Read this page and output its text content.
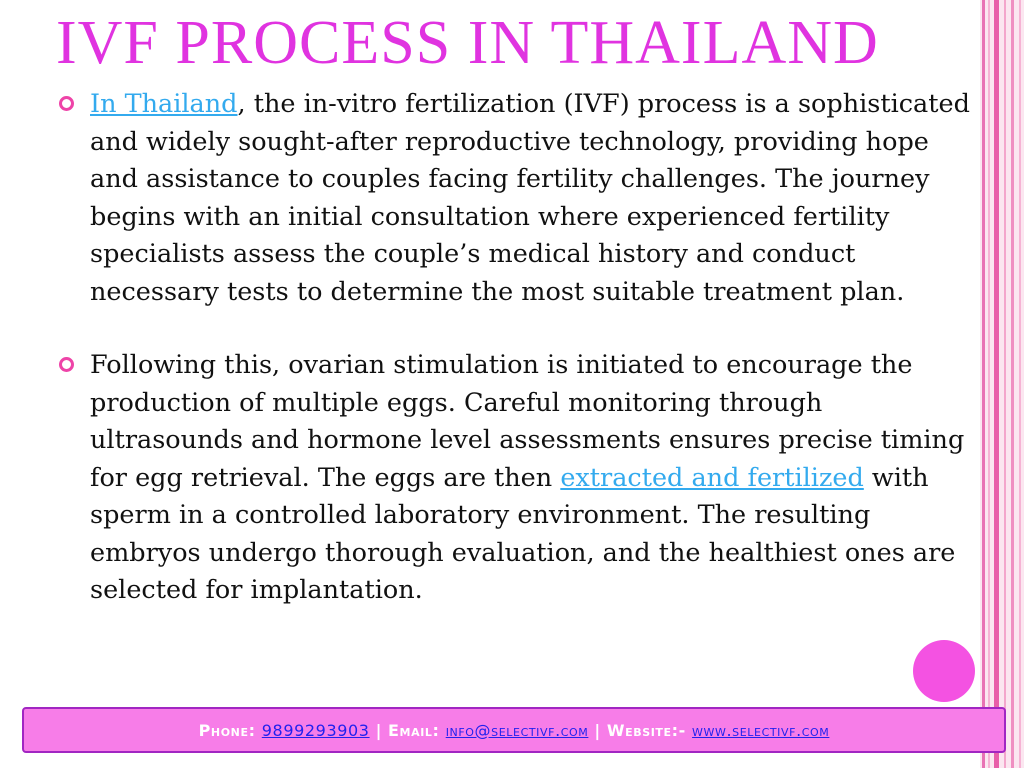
IVF PROCESS IN THAILAND

In Thailand, the in-vitro fertilization (IVF) process is a sophisticated and widely sought-after reproductive technology, providing hope and assistance to couples facing fertility challenges. The journey begins with an initial consultation where experienced fertility specialists assess the couple’s medical history and conduct necessary tests to determine the most suitable treatment plan.

Following this, ovarian stimulation is initiated to encourage the production of multiple eggs. Careful monitoring through ultrasounds and hormone level assessments ensures precise timing for egg retrieval. The eggs are then extracted and fertilized with sperm in a controlled laboratory environment. The resulting embryos undergo thorough evaluation, and the healthiest ones are selected for implantation.

Phone:
9899293903 | Email:
info@selectivf.com | Website:-
www.selectivf.com
